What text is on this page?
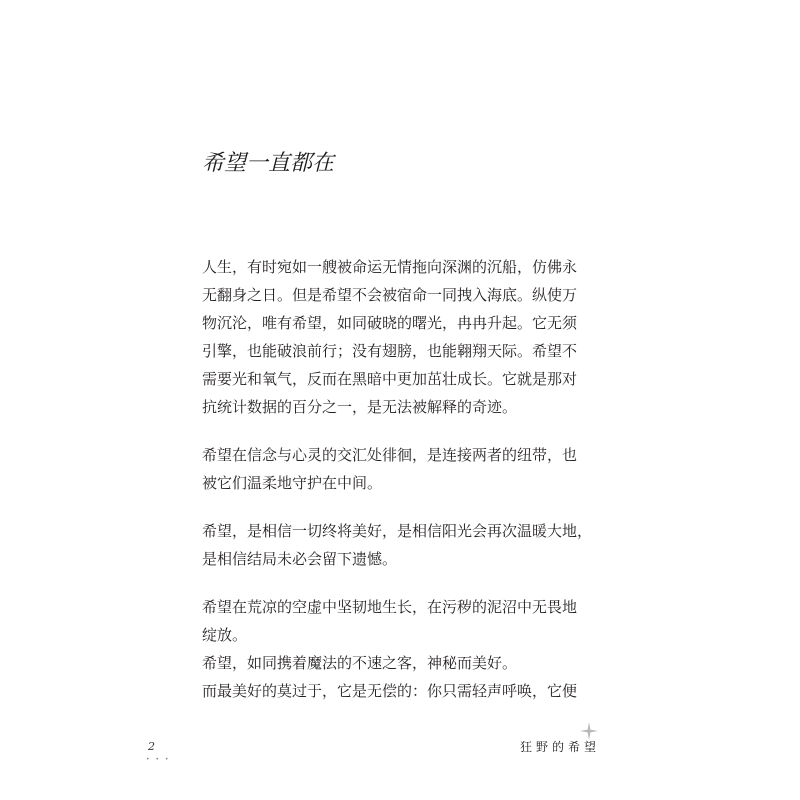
希望一直都在

人生，有时宛如一艘被命运无情拖向深渊的沉船，仿佛永
无翻身之日。但是希望不会被宿命一同拽入海底。纵使万
物沉沦，唯有希望，如同破晓的曙光，冉冉升起。它无须
引擎，也能破浪前行；没有翅膀，也能翱翔天际。希望不
需要光和氧气，反而在黑暗中更加茁壮成长。它就是那对
抗统计数据的百分之一，是无法被解释的奇迹。

希望在信念与心灵的交汇处徘徊，是连接两者的纽带，也
被它们温柔地守护在中间。

希望，是相信一切终将美好，是相信阳光会再次温暖大地，
是相信结局未必会留下遗憾。

希望在荒凉的空虚中坚韧地生长，在污秽的泥沼中无畏地
绽放。
希望，如同携着魔法的不速之客，神秘而美好。
而最美好的莫过于，它是无偿的：你只需轻声呼唤，它便

2
• • •
狂野的希望
